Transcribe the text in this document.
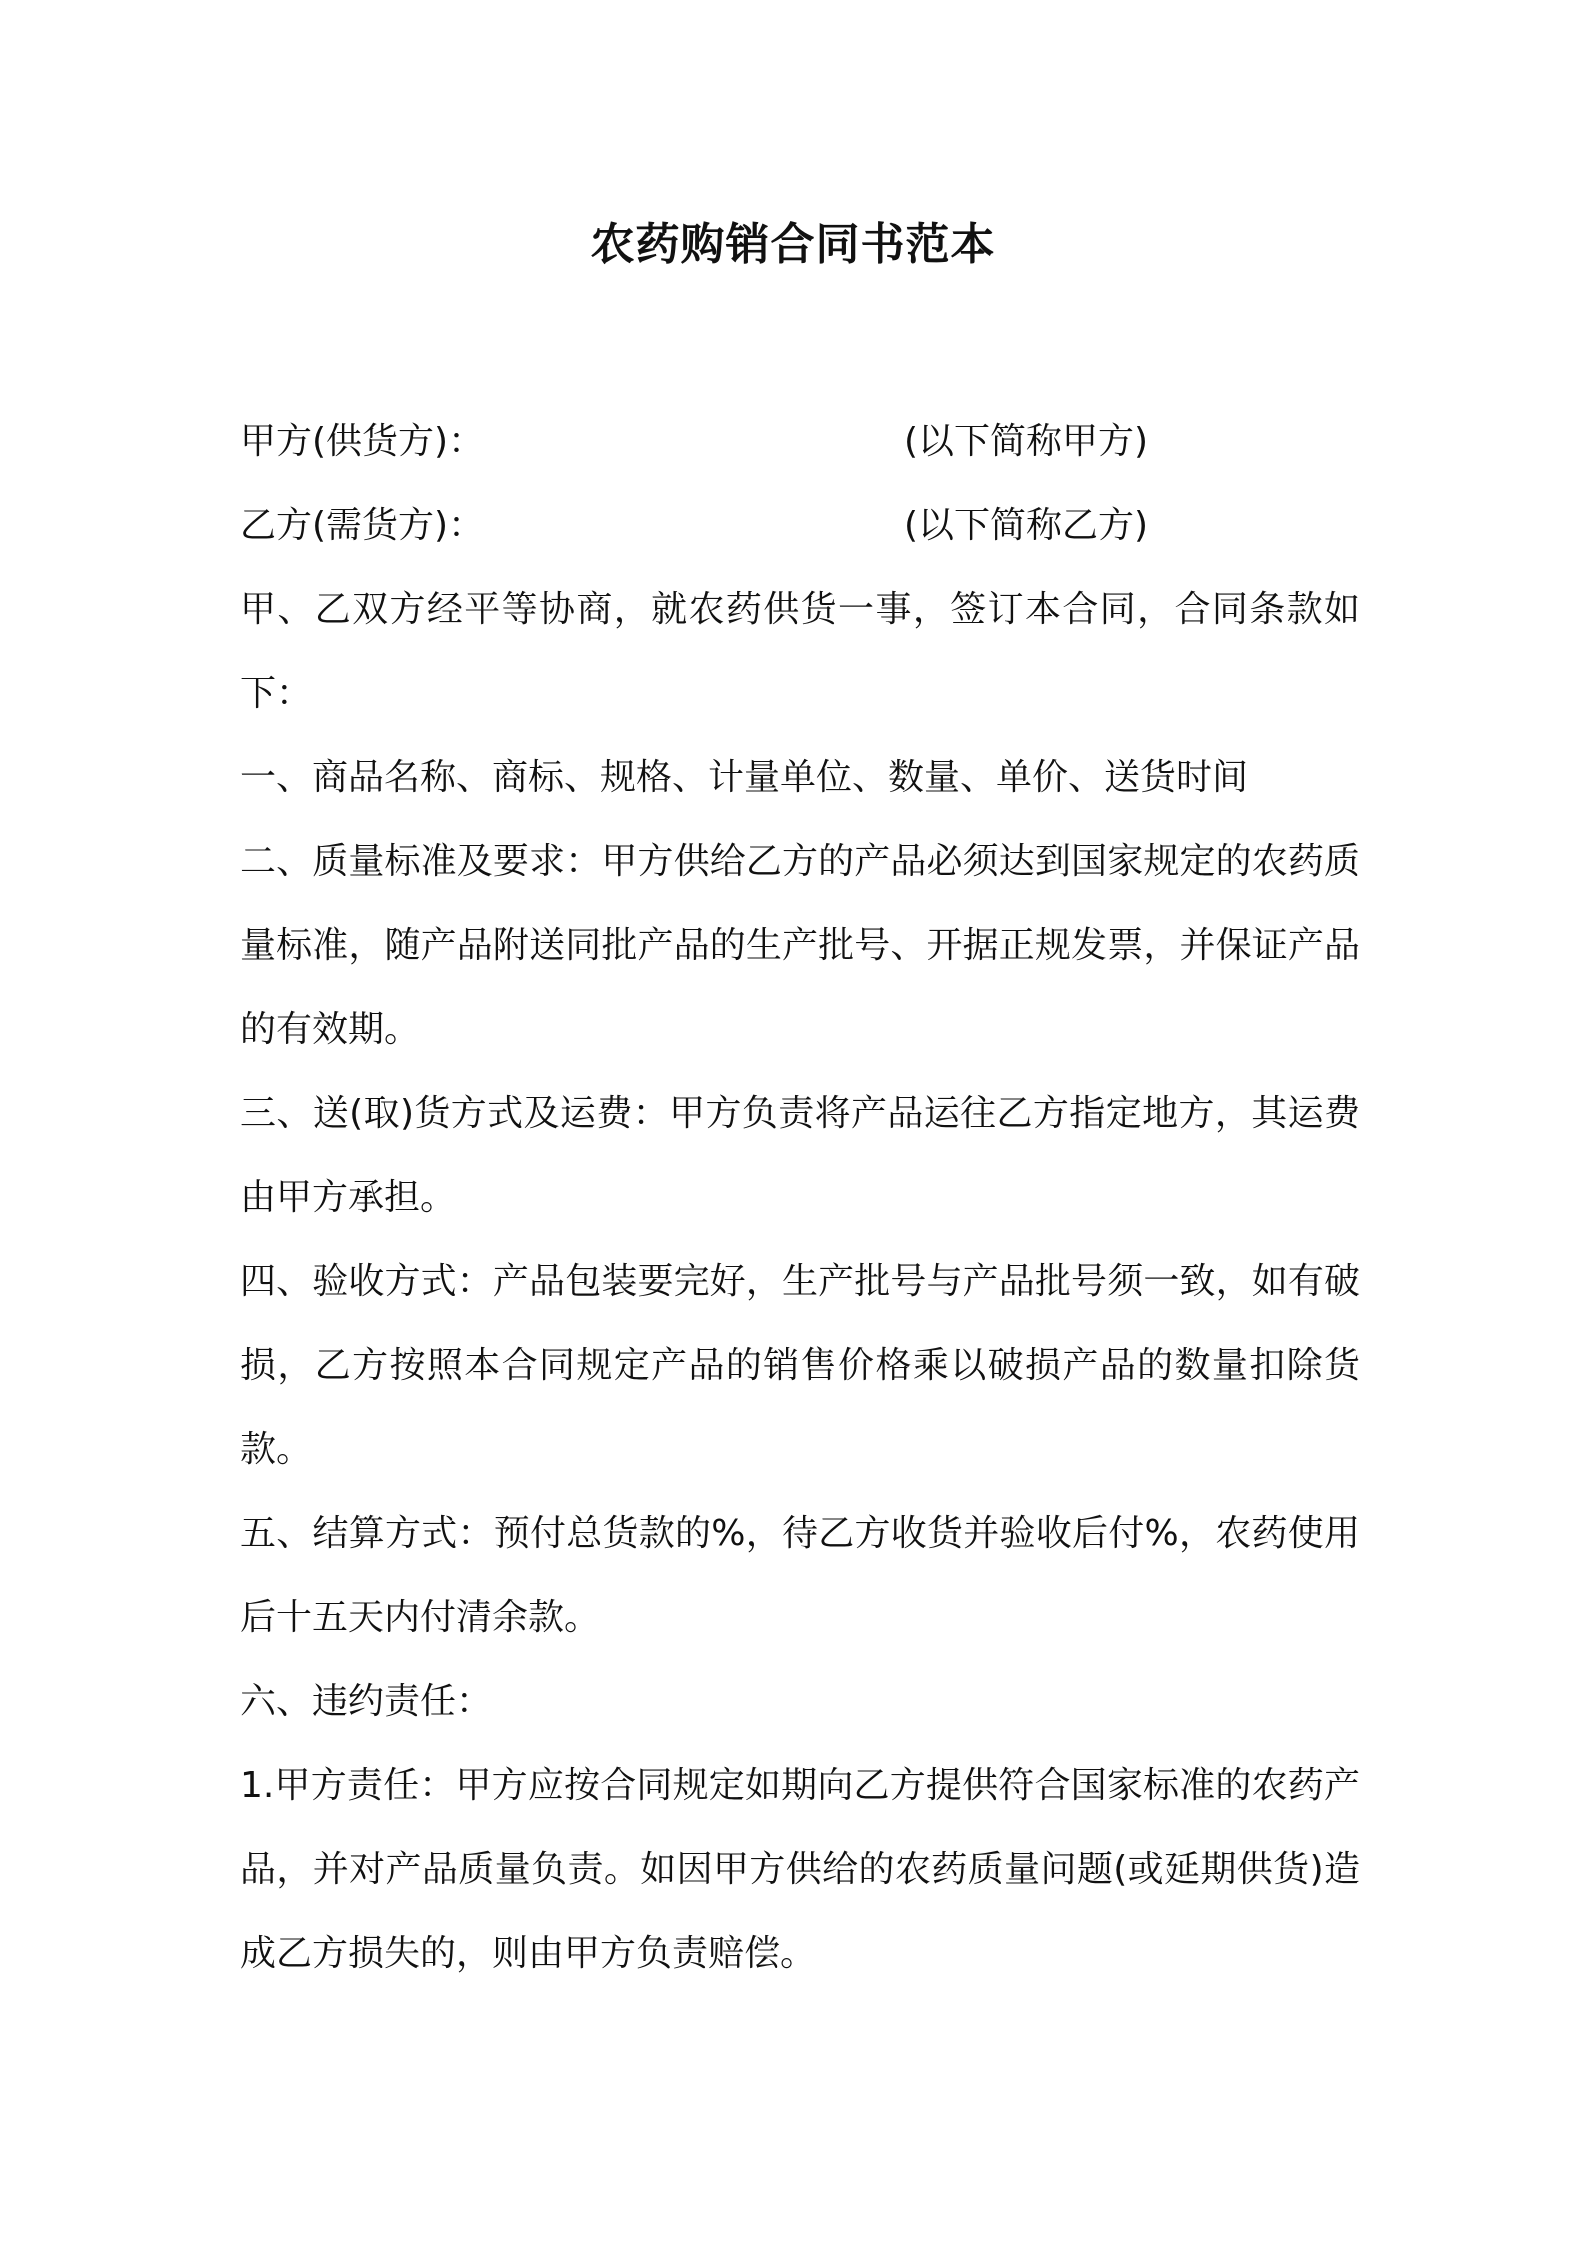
农药购销合同书范本
甲方(供货方)：	(以下简称甲方)
乙方(需货方)：	(以下简称乙方)

甲、乙双方经平等协商，就农药供货一事，签订本合同，合同条款如下：

一、商品名称、商标、规格、计量单位、数量、单价、送货时间

二、质量标准及要求：甲方供给乙方的产品必须达到国家规定的农药质量标准，随产品附送同批产品的生产批号、开据正规发票，并保证产品的有效期。

三、送(取)货方式及运费：甲方负责将产品运往乙方指定地方，其运费由甲方承担。

四、验收方式：产品包装要完好，生产批号与产品批号须一致，如有破损，乙方按照本合同规定产品的销售价格乘以破损产品的数量扣除货款。

五、结算方式：预付总货款的%，待乙方收货并验收后付%，农药使用后十五天内付清余款。

六、违约责任：

1.甲方责任：甲方应按合同规定如期向乙方提供符合国家标准的农药产品，并对产品质量负责。如因甲方供给的农药质量问题(或延期供货)造成乙方损失的，则由甲方负责赔偿。
